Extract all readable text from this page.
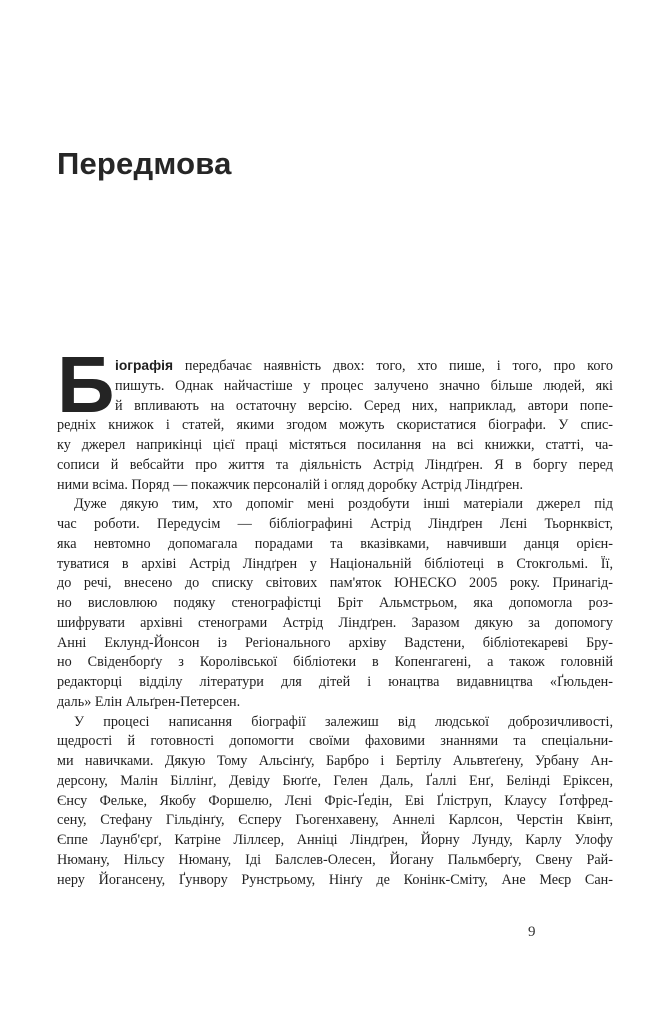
Передмова
Б іографія передбачає наявність двох: того, хто пише, і того, про кого
пишуть. Однак найчастіше у процес залучено значно більше людей, які
й впливають на остаточну версію. Серед них, наприклад, автори попе-
редніх книжок і статей, якими згодом можуть скористатися біографи. У спис-
ку джерел наприкінці цієї праці містяться посилання на всі книжки, статті, ча-
сописи й вебсайти про життя та діяльність Астрід Ліндґрен. Я в боргу перед
ними всіма. Поряд — покажчик персоналій і огляд доробку Астрід Ліндґрен.
Дуже дякую тим, хто допоміг мені роздобути інші матеріали джерел під
час роботи. Передусім — бібліографині Астрід Ліндґрен Лєні Тьорнквіст,
яка невтомно допомагала порадами та вказівками, навчивши данця орієн-
туватися в архіві Астрід Ліндґрен у Національній бібліотеці в Стокгольмі. Її,
до речі, внесено до списку світових пам'яток ЮНЕСКО 2005 року. Принагід-
но висловлюю подяку стенографістці Бріт Альмстрьом, яка допомогла роз-
шифрувати архівні стенограми Астрід Ліндґрен. Заразом дякую за допомогу
Анні Еклунд-Йонсон із Регіонального архіву Вадстени, бібліотекареві Бру-
но Свіденборґу з Королівської бібліотеки в Копенгагені, а також головній
редакторці відділу літератури для дітей і юнацтва видавництва «Ґюльден-
даль» Елін Альґрен-Петерсен.
У процесі написання біографії залежиш від людської доброзичливості,
щедрості й готовності допомогти своїми фаховими знаннями та спеціальни-
ми навичками. Дякую Тому Альсінґу, Барбро і Бертілу Альвтеґену, Урбану Ан-
дерсону, Малін Біллінґ, Девіду Бюґґе, Гелен Даль, Ґаллі Енґ, Белінді Еріксен,
Єнсу Фельке, Якобу Форшелю, Лєні Фріс-Ґедін, Еві Ґліструп, Клаусу Ґотфред-
сену, Стефану Гільдінґу, Єсперу Гьогенхавену, Аннелі Карлсон, Черстін Квінт,
Єппе Лаунб'єрґ, Катріне Ліллєер, Анніці Ліндґрен, Йорну Лунду, Карлу Улофу
Нюману, Нільсу Нюману, Іді Балслев-Олесен, Йогану Пальмберґу, Свену Рай-
неру Йогансену, Ґунвору Рунстрьому, Нінґу де Конінк-Сміту, Ане Меєр Сан-
9
